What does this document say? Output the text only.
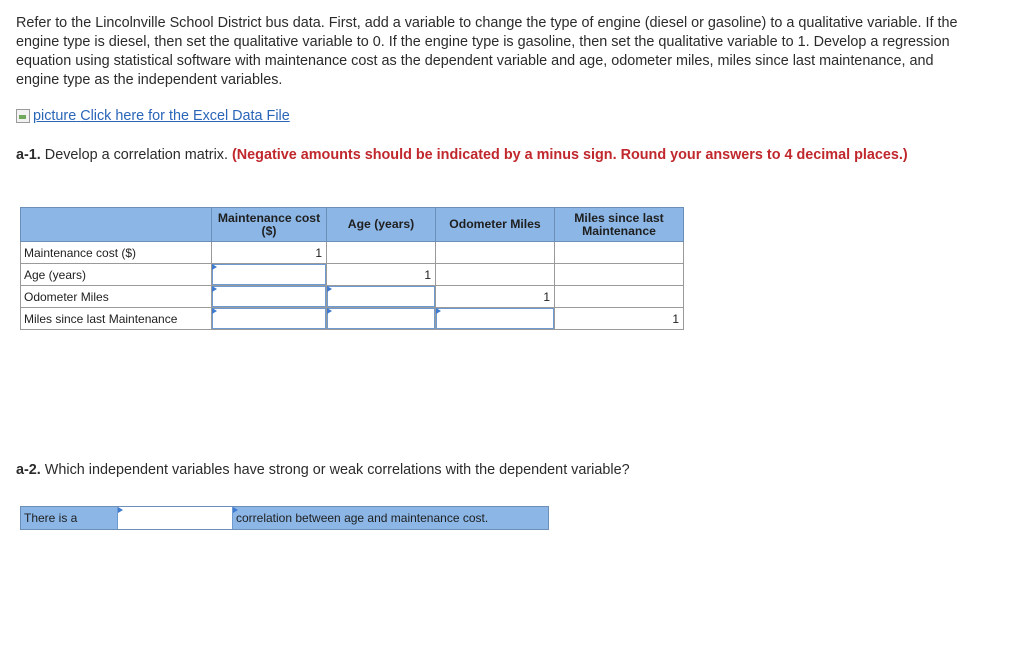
Refer to the Lincolnville School District bus data. First, add a variable to change the type of engine (diesel or gasoline) to a qualitative variable. If the engine type is diesel, then set the qualitative variable to 0. If the engine type is gasoline, then set the qualitative variable to 1. Develop a regression equation using statistical software with maintenance cost as the dependent variable and age, odometer miles, miles since last maintenance, and engine type as the independent variables.

picture
Click here for the Excel Data File

a-1. Develop a correlation matrix. (Negative amounts should be indicated by a minus sign. Round your answers to 4 decimal places.)

	Maintenance cost ($)	Age (years)	Odometer Miles	Miles since last Maintenance
Maintenance cost ($)	1			
Age (years)		1		
Odometer Miles			1	
Miles since last Maintenance				1

a-2. Which independent variables have strong or weak correlations with the dependent variable?

There is a	correlation between age and maintenance cost.
